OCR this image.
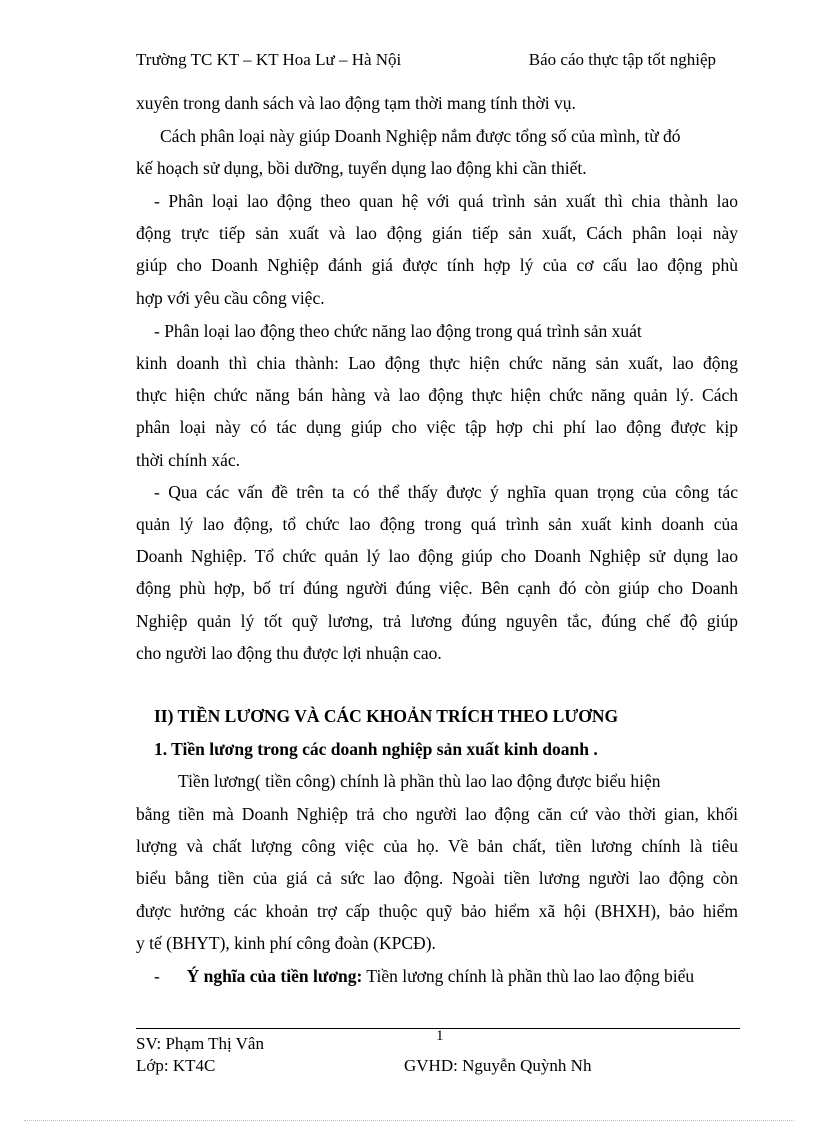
Trường TC KT – KT Hoa Lư – Hà Nội	Báo cáo thực tập tốt nghiệp
xuyên trong danh sách và lao động tạm thời mang tính thời vụ.
Cách phân loại này giúp Doanh Nghiệp nắm được tổng số của mình, từ đó
kế hoạch sử dụng, bồi dưỡng, tuyển dụng lao động khi cần thiết.
- Phân loại lao động theo quan hệ với quá trình sản xuất thì chia thành lao
động trực tiếp sản xuất và lao động gián tiếp sản xuất, Cách phân loại này
giúp cho Doanh Nghiệp đánh giá được tính hợp lý của cơ cấu lao động phù
hợp với yêu cầu công việc.
- Phân loại lao động theo chức năng lao động trong quá trình sản xuát
kinh doanh thì chia thành: Lao động thực hiện chức năng sản xuất, lao động
thực hiện chức năng bán hàng và lao động thực hiện chức năng quản lý. Cách
phân loại này có tác dụng giúp cho việc tập hợp chi phí lao động được kịp
thời chính xác.
- Qua các vấn đề trên ta có thể thấy được ý nghĩa quan trọng của công tác
quản lý lao động, tổ chức lao động trong quá trình sản xuất kinh doanh của
Doanh Nghiệp. Tổ chức quản lý lao động giúp cho Doanh Nghiệp sử dụng lao
động phù hợp, bố trí đúng người đúng việc. Bên cạnh đó còn giúp cho Doanh
Nghiệp quản lý tốt quỹ lương, trả lương đúng nguyên tắc, đúng chế độ giúp
cho người lao động thu được lợi nhuận cao.
II) TIỀN LƯƠNG VÀ CÁC KHOẢN TRÍCH THEO LƯƠNG
1. Tiền lương trong các doanh nghiệp sản xuất kinh doanh .
Tiền lương( tiền công) chính là phần thù lao lao động được biểu hiện
bằng tiền mà Doanh Nghiệp trả cho người lao động căn cứ vào thời gian, khối
lượng và chất lượng công việc của họ. Về bản chất, tiền lương chính là tiêu
biểu bằng tiền của giá cả sức lao động. Ngoài tiền lương người lao động còn
được hưởng các khoản trợ cấp thuộc quỹ bảo hiểm xã hội (BHXH), bảo hiểm
y tế (BHYT), kinh phí công đoàn (KPCĐ).
- Ý nghĩa của tiền lương: Tiền lương chính là phần thù lao lao động biểu
1
SV: Phạm Thị Vân
Lớp: KT4C	GVHD: Nguyễn Quỳnh Nh
